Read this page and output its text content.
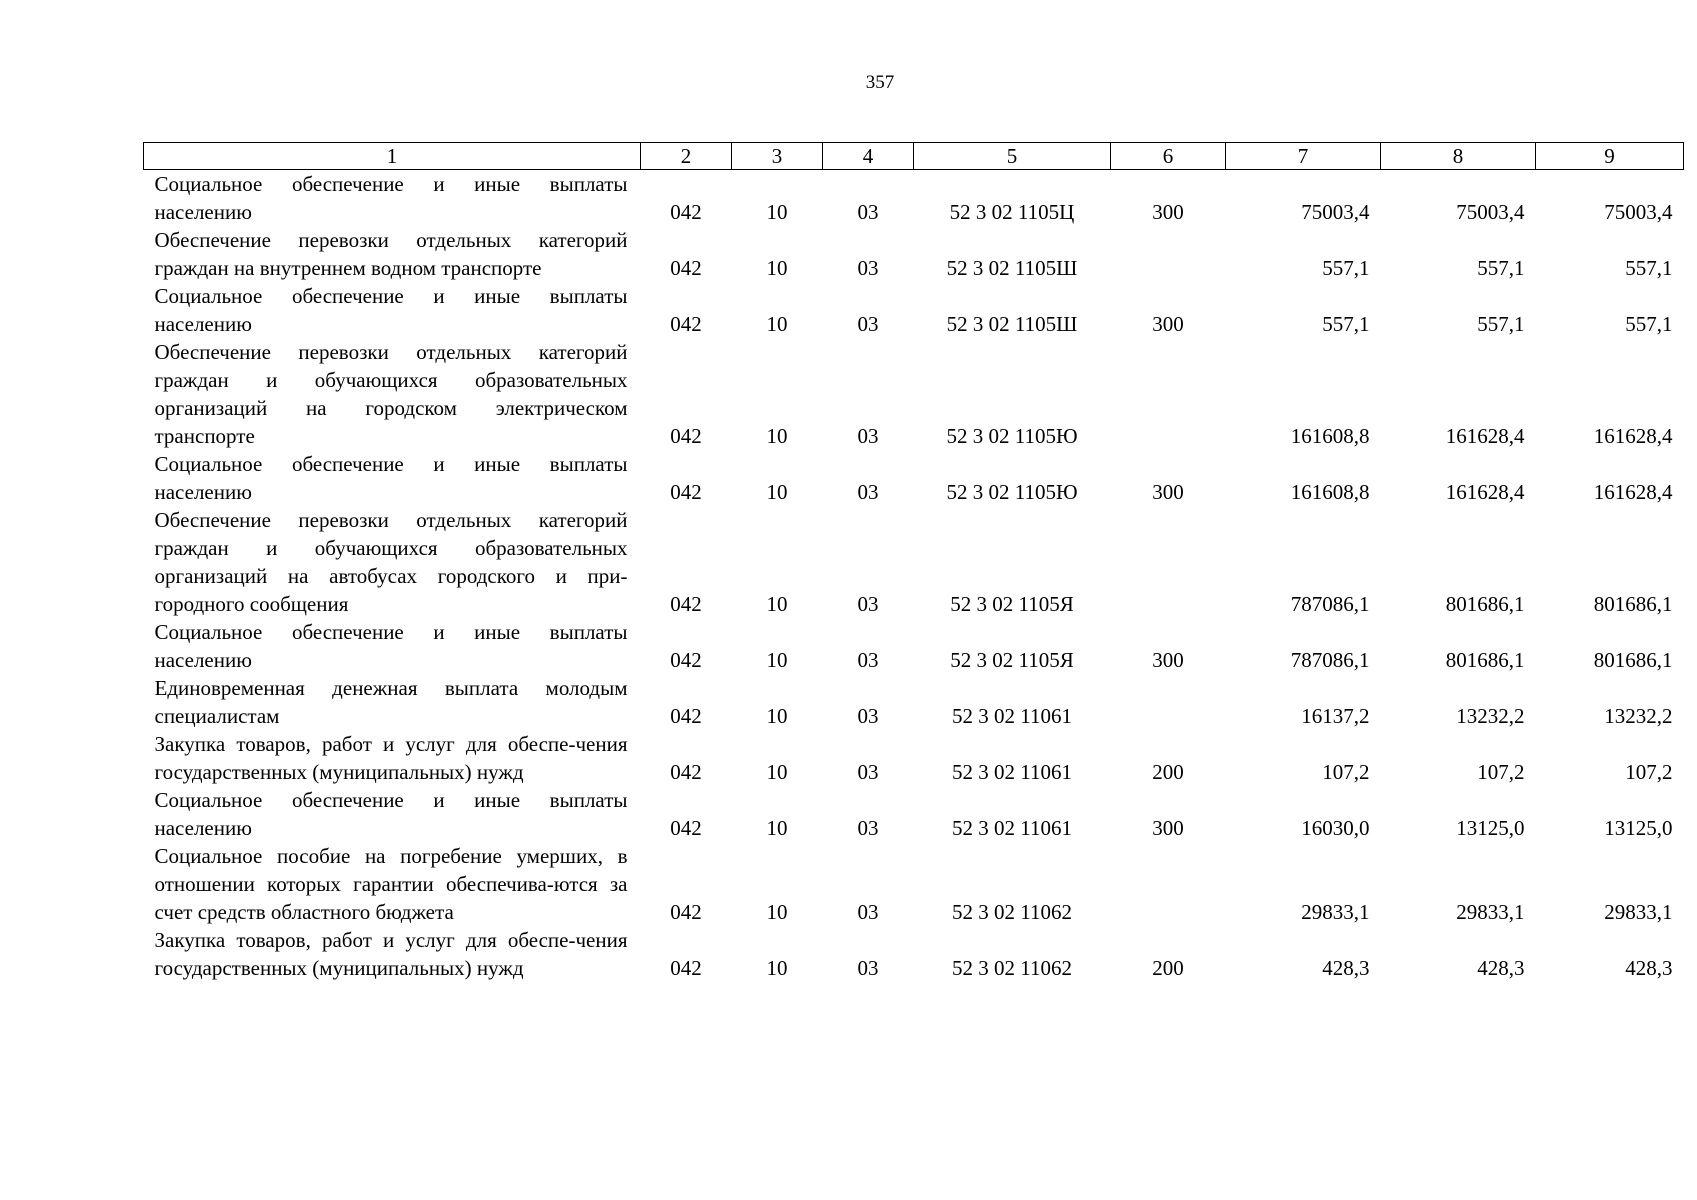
357
1	2	3	4	5	6	7	8	9
Социальное обеспечение и иные выплаты населению	042	10	03	52 3 02 1105Ц	300	75003,4	75003,4	75003,4
Обеспечение перевозки отдельных категорий граждан на внутреннем водном транспорте	042	10	03	52 3 02 1105Ш		557,1	557,1	557,1
Социальное обеспечение и иные выплаты населению	042	10	03	52 3 02 1105Ш	300	557,1	557,1	557,1
Обеспечение перевозки отдельных категорий граждан и обучающихся образовательных организаций на городском электрическом транспорте	042	10	03	52 3 02 1105Ю		161608,8	161628,4	161628,4
Социальное обеспечение и иные выплаты населению	042	10	03	52 3 02 1105Ю	300	161608,8	161628,4	161628,4
Обеспечение перевозки отдельных категорий граждан и обучающихся образовательных организаций на автобусах городского и при-городного сообщения	042	10	03	52 3 02 1105Я		787086,1	801686,1	801686,1
Социальное обеспечение и иные выплаты населению	042	10	03	52 3 02 1105Я	300	787086,1	801686,1	801686,1
Единовременная денежная выплата молодым специалистам	042	10	03	52 3 02 11061		16137,2	13232,2	13232,2
Закупка товаров, работ и услуг для обеспе-чения государственных (муниципальных) нужд	042	10	03	52 3 02 11061	200	107,2	107,2	107,2
Социальное обеспечение и иные выплаты населению	042	10	03	52 3 02 11061	300	16030,0	13125,0	13125,0
Социальное пособие на погребение умерших, в отношении которых гарантии обеспечива-ются за счет средств областного бюджета	042	10	03	52 3 02 11062		29833,1	29833,1	29833,1
Закупка товаров, работ и услуг для обеспе-чения государственных (муниципальных) нужд	042	10	03	52 3 02 11062	200	428,3	428,3	428,3
